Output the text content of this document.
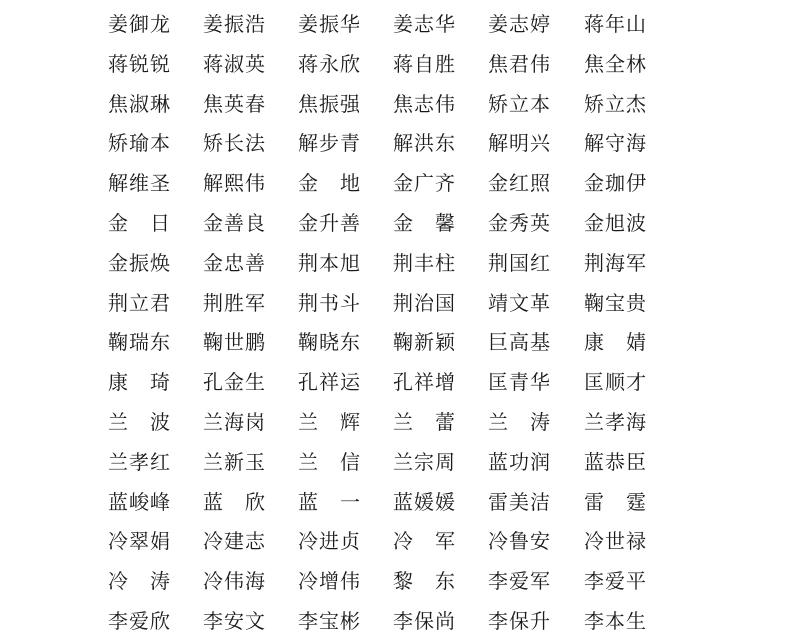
姜御龙	姜振浩	姜振华	姜志华	姜志婷	蒋年山
蒋锐锐	蒋淑英	蒋永欣	蒋自胜	焦君伟	焦全林
焦淑琳	焦英春	焦振强	焦志伟	矫立本	矫立杰
矫瑜本	矫长法	解步青	解洪东	解明兴	解守海
解维圣	解熙伟	金　地	金广齐	金红照	金珈伊
金　日	金善良	金升善	金　馨	金秀英	金旭波
金振焕	金忠善	荆本旭	荆丰柱	荆国红	荆海军
荆立君	荆胜军	荆书斗	荆治国	靖文革	鞠宝贵
鞠瑞东	鞠世鹏	鞠晓东	鞠新颖	巨高基	康　婧
康　琦	孔金生	孔祥运	孔祥增	匡青华	匡顺才
兰　波	兰海岗	兰　辉	兰　蕾	兰　涛	兰孝海
兰孝红	兰新玉	兰　信	兰宗周	蓝功润	蓝恭臣
蓝峻峰	蓝　欣	蓝　一	蓝媛媛	雷美洁	雷　霆
冷翠娟	冷建志	冷进贞	冷　军	冷鲁安	冷世禄
冷　涛	冷伟海	冷增伟	黎　东	李爱军	李爱平
李爱欣	李安文	李宝彬	李保尚	李保升	李本生
